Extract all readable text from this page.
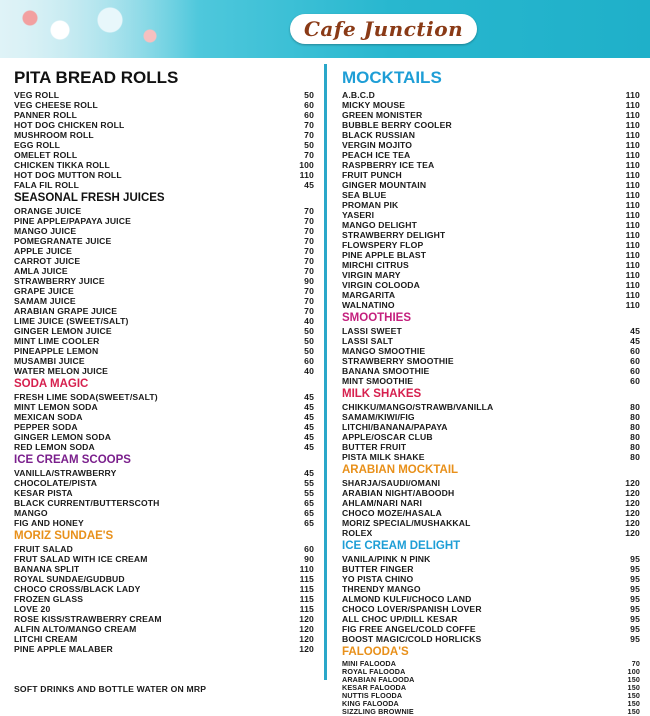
Cafe Junction
PITA BREAD ROLLS
VEG ROLL	50
VEG CHEESE ROLL	60
PANNER ROLL	60
HOT DOG CHICKEN ROLL	70
MUSHROOM ROLL	70
EGG ROLL	50
OMELET ROLL	70
CHICKEN TIKKA ROLL	100
HOT DOG MUTTON ROLL	110
FALA FIL ROLL	45
SEASONAL FRESH JUICES
ORANGE JUICE	70
PINE APPLE/PAPAYA JUICE	70
MANGO JUICE	70
POMEGRANATE JUICE	70
APPLE JUICE	70
CARROT JUICE	70
AMLA JUICE	70
STRAWBERRY JUICE	90
GRAPE JUICE	70
SAMAM JUICE	70
ARABIAN GRAPE JUICE	70
LIME JUICE (SWEET/SALT)	40
GINGER LEMON JUICE	50
MINT LIME COOLER	50
PINEAPPLE LEMON	50
MUSAMBI JUICE	60
WATER MELON JUICE	40
SODA MAGIC
FRESH LIME SODA(SWEET/SALT)	45
MINT LEMON SODA	45
MEXICAN SODA	45
PEPPER SODA	45
GINGER LEMON SODA	45
RED LEMON SODA	45
ICE CREAM SCOOPS
VANILLA/STRAWBERRY	45
CHOCOLATE/PISTA	55
KESAR PISTA	55
BLACK CURRENT/BUTTERSCOTH	65
MANGO	65
FIG AND HONEY	65
MORIZ SUNDAE'S
FRUIT SALAD	60
FRUT SALAD WITH ICE CREAM	90
BANANA SPLIT	110
ROYAL SUNDAE/GUDBUD	115
CHOCO CROSS/BLACK LADY	115
FROZEN GLASS	115
LOVE 20	115
ROSE KISS/STRAWBERRY CREAM	120
ALFIN ALTO/MANGO CREAM	120
LITCHI CREAM	120
PINE APPLE MALABER	120
MOCKTAILS
A.B.C.D	110
MICKY MOUSE	110
GREEN MONISTER	110
BUBBLE BERRY COOLER	110
BLACK RUSSIAN	110
VERGIN MOJITO	110
PEACH ICE TEA	110
RASPBERRY ICE TEA	110
FRUIT PUNCH	110
GINGER MOUNTAIN	110
SEA BLUE	110
PROMAN PIK	110
YASERI	110
MANGO DELIGHT	110
STRAWBERRY DELIGHT	110
FLOWSPERY FLOP	110
PINE APPLE BLAST	110
MIRCHI CITRUS	110
VIRGIN MARY	110
VIRGIN COLOODA	110
MARGARITA	110
WALNATINO	110
SMOOTHIES
LASSI SWEET	45
LASSI SALT	45
MANGO SMOOTHIE	60
STRAWBERRY SMOOTHIE	60
BANANA SMOOTHIE	60
MINT SMOOTHIE	60
MILK SHAKES
CHIKKU/MANGO/STRAWB/VANILLA	80
SAMAM/KIWI/FIG	80
LITCHI/BANANA/PAPAYA	80
APPLE/OSCAR CLUB	80
BUTTER FRUIT	80
PISTA MILK SHAKE	80
ARABIAN MOCKTAIL
SHARJA/SAUDI/OMANI	120
ARABIAN NIGHT/ABOODH	120
AHLAM/NARI NARI	120
CHOCO MOZE/HASALA	120
MORIZ SPECIAL/MUSHAKKAL	120
ROLEX	120
ICE CREAM DELIGHT
VANILA/PINK N PINK	95
BUTTER FINGER	95
YO PISTA CHINO	95
THRENDY MANGO	95
ALMOND KULFI/CHOCO LAND	95
CHOCO LOVER/SPANISH LOVER	95
ALL CHOC UP/DILL KESAR	95
FIG FREE ANGEL/COLD COFFE	95
BOOST MAGIC/COLD HORLICKS	95
FALOODA'S
MINI FALOODA	70
ROYAL FALOODA	100
ARABIAN FALOODA	150
KESAR FALOODA	150
NUTTIS FLOODA	150
KING FALOODA	150
SIZZLING BROWNIE	150
SOFT DRINKS AND BOTTLE WATER ON MRP
